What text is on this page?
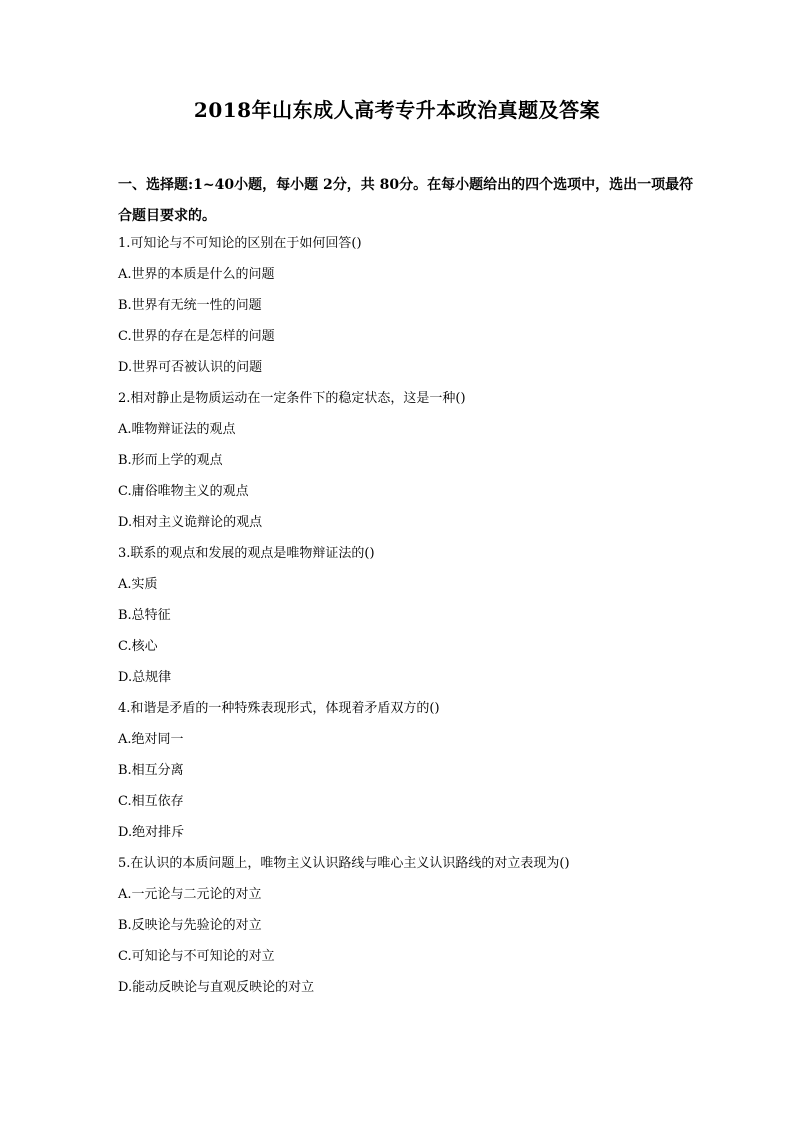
2018年山东成人高考专升本政治真题及答案
一、选择题:1~40小题，每小题 2分，共 80分。在每小题给出的四个选项中，选出一项最符合题目要求的。
1.可知论与不可知论的区别在于如何回答()
A.世界的本质是什么的问题
B.世界有无统一性的问题
C.世界的存在是怎样的问题
D.世界可否被认识的问题
2.相对静止是物质运动在一定条件下的稳定状态，这是一种()
A.唯物辩证法的观点
B.形而上学的观点
C.庸俗唯物主义的观点
D.相对主义诡辩论的观点
3.联系的观点和发展的观点是唯物辩证法的()
A.实质
B.总特征
C.核心
D.总规律
4.和谐是矛盾的一种特殊表现形式，体现着矛盾双方的()
A.绝对同一
B.相互分离
C.相互依存
D.绝对排斥
5.在认识的本质问题上，唯物主义认识路线与唯心主义认识路线的对立表现为()
A.一元论与二元论的对立
B.反映论与先验论的对立
C.可知论与不可知论的对立
D.能动反映论与直观反映论的对立
